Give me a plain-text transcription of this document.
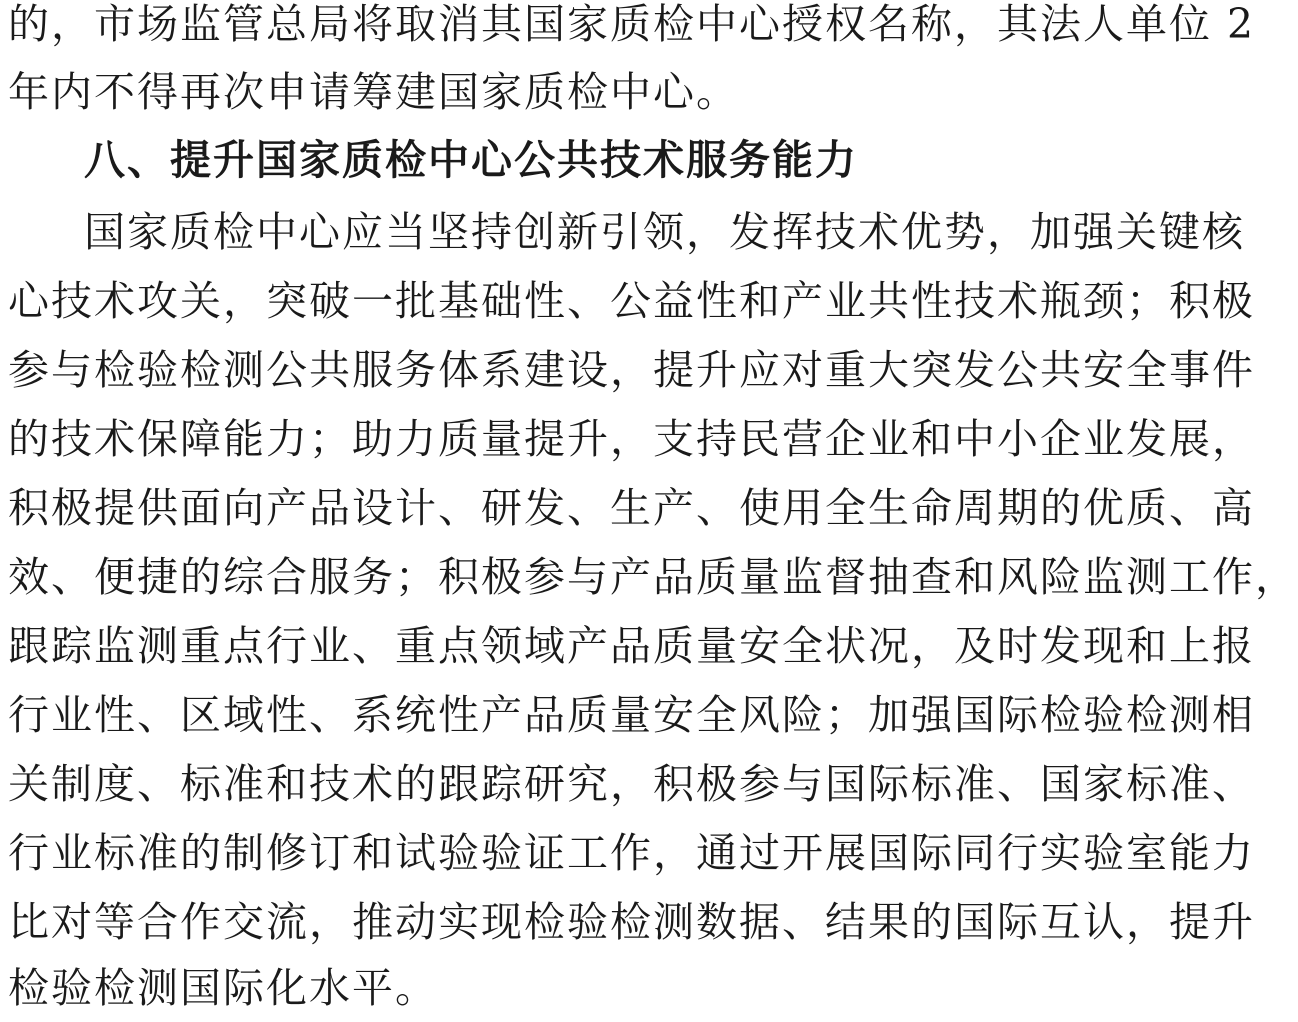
的，市场监管总局将取消其国家质检中心授权名称，其法人单位 2
年内不得再次申请筹建国家质检中心。
八、提升国家质检中心公共技术服务能力
国家质检中心应当坚持创新引领，发挥技术优势，加强关键核
心技术攻关，突破一批基础性、公益性和产业共性技术瓶颈；积极
参与检验检测公共服务体系建设，提升应对重大突发公共安全事件
的技术保障能力；助力质量提升，支持民营企业和中小企业发展，
积极提供面向产品设计、研发、生产、使用全生命周期的优质、高
效、便捷的综合服务；积极参与产品质量监督抽查和风险监测工作，
跟踪监测重点行业、重点领域产品质量安全状况，及时发现和上报
行业性、区域性、系统性产品质量安全风险；加强国际检验检测相
关制度、标准和技术的跟踪研究，积极参与国际标准、国家标准、
行业标准的制修订和试验验证工作，通过开展国际同行实验室能力
比对等合作交流，推动实现检验检测数据、结果的国际互认，提升
检验检测国际化水平。
